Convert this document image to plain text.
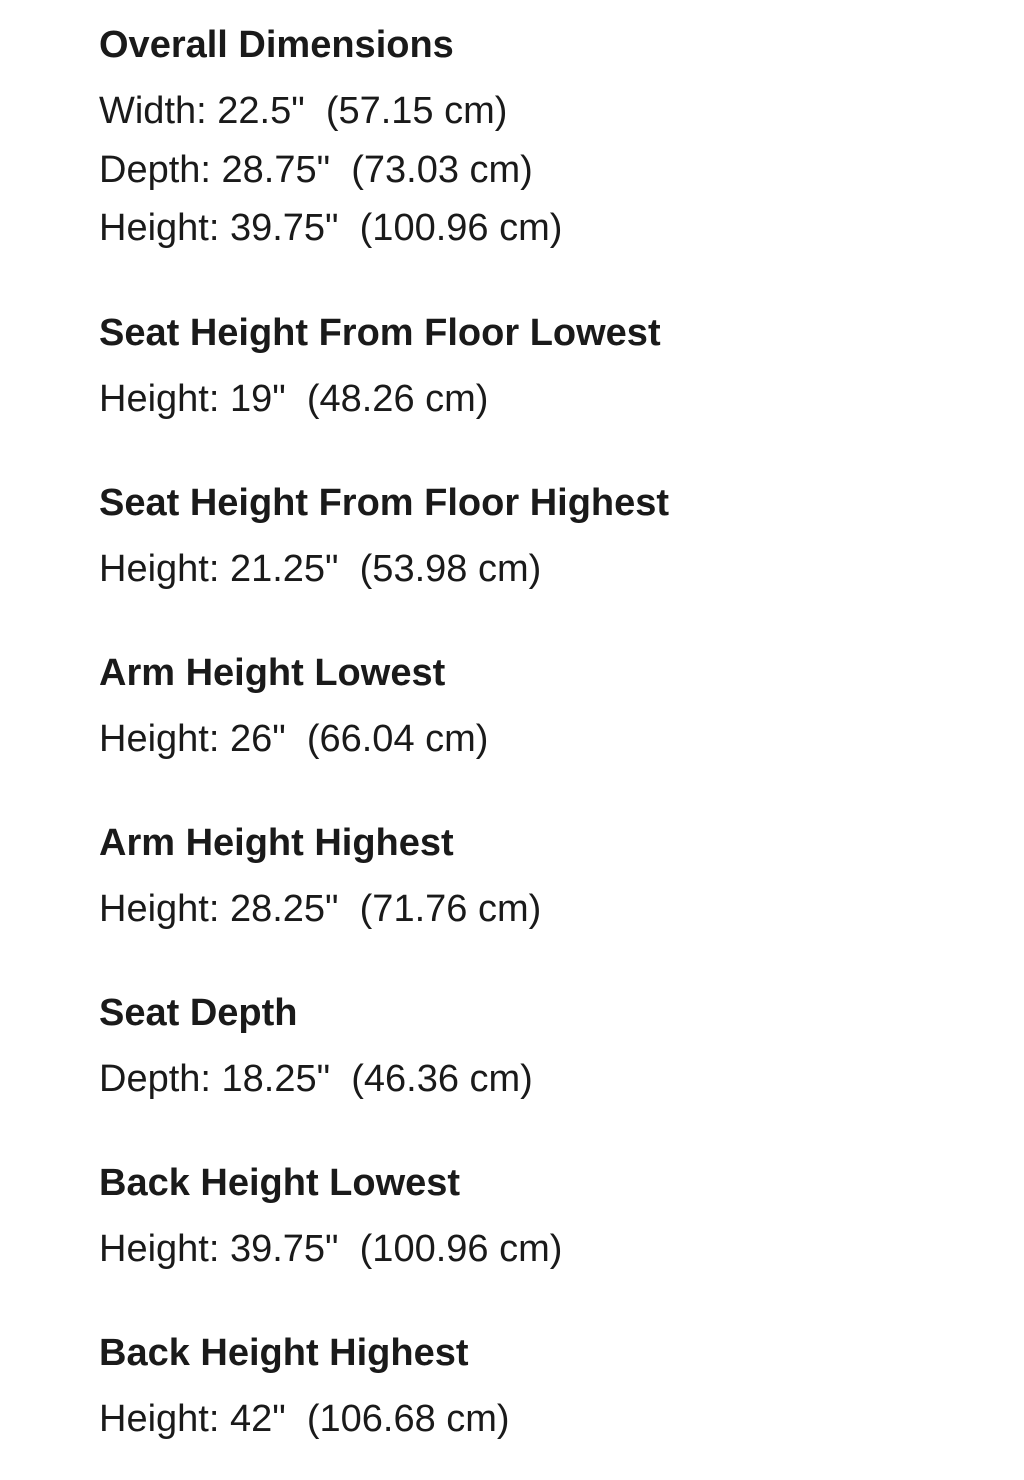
Overall Dimensions

Width: 22.5"  (57.15 cm)

Depth: 28.75"  (73.03 cm)

Height: 39.75"  (100.96 cm)

Seat Height From Floor Lowest

Height: 19"  (48.26 cm)

Seat Height From Floor Highest

Height: 21.25"  (53.98 cm)

Arm Height Lowest

Height: 26"  (66.04 cm)

Arm Height Highest

Height: 28.25"  (71.76 cm)

Seat Depth

Depth: 18.25"  (46.36 cm)

Back Height Lowest

Height: 39.75"  (100.96 cm)

Back Height Highest

Height: 42"  (106.68 cm)
